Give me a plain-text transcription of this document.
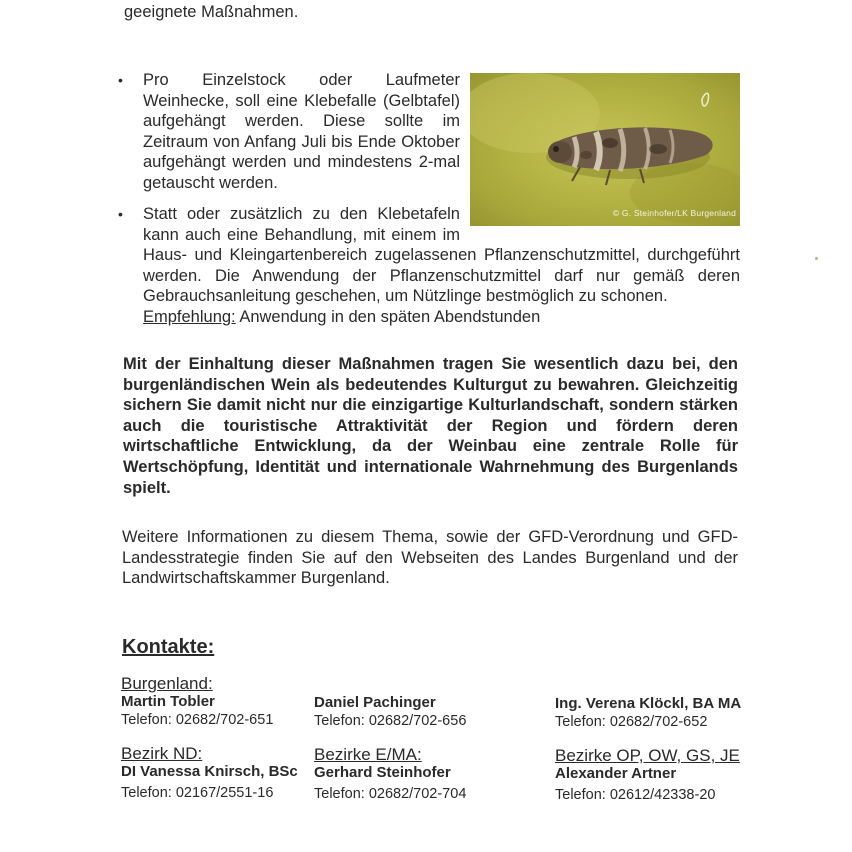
geeignete Maßnahmen.

• © G. Steinhofer/LK Burgenland
Pro Einzelstock oder Laufmeter Weinhecke, soll eine Klebefalle (Gelbtafel) aufgehängt werden. Diese sollte im Zeitraum von Anfang Juli bis Ende Oktober aufgehängt werden und mindestens 2-mal getauscht werden.
• Statt oder zusätzlich zu den Klebetafeln kann auch eine Behandlung, mit einem im Haus- und Kleingartenbereich zugelassenen Pflanzenschutzmittel, durchgeführt werden. Die Anwendung der Pflanzenschutzmittel darf nur gemäß deren Gebrauchsanleitung geschehen, um Nützlinge bestmöglich zu schonen.
Empfehlung: Anwendung in den späten Abendstunden

Mit der Einhaltung dieser Maßnahmen tragen Sie wesentlich dazu bei, den burgenländischen Wein als bedeutendes Kulturgut zu bewahren. Gleichzeitig sichern Sie damit nicht nur die einzigartige Kulturlandschaft, sondern stärken auch die touristische Attraktivität der Region und fördern deren wirtschaftliche Entwicklung, da der Weinbau eine zentrale Rolle für Wertschöpfung, Identität und internationale Wahrnehmung des Burgenlands spielt.

Weitere Informationen zu diesem Thema, sowie der GFD-Verordnung und GFD-Landesstrategie finden Sie auf den Webseiten des Landes Burgenland und der Landwirtschaftskammer Burgenland.

Kontakte:
Burgenland:
Martin Tobler
Telefon: 02682/702-651
Daniel Pachinger
Telefon: 02682/702-656
Ing. Verena Klöckl, BA MA
Telefon: 02682/702-652
Bezirk ND:
DI Vanessa Knirsch, BSc
Telefon: 02167/2551-16
Bezirke E/MA:
Gerhard Steinhofer
Telefon: 02682/702-704
Bezirke OP, OW, GS, JE
Alexander Artner
Telefon: 02612/42338-20
